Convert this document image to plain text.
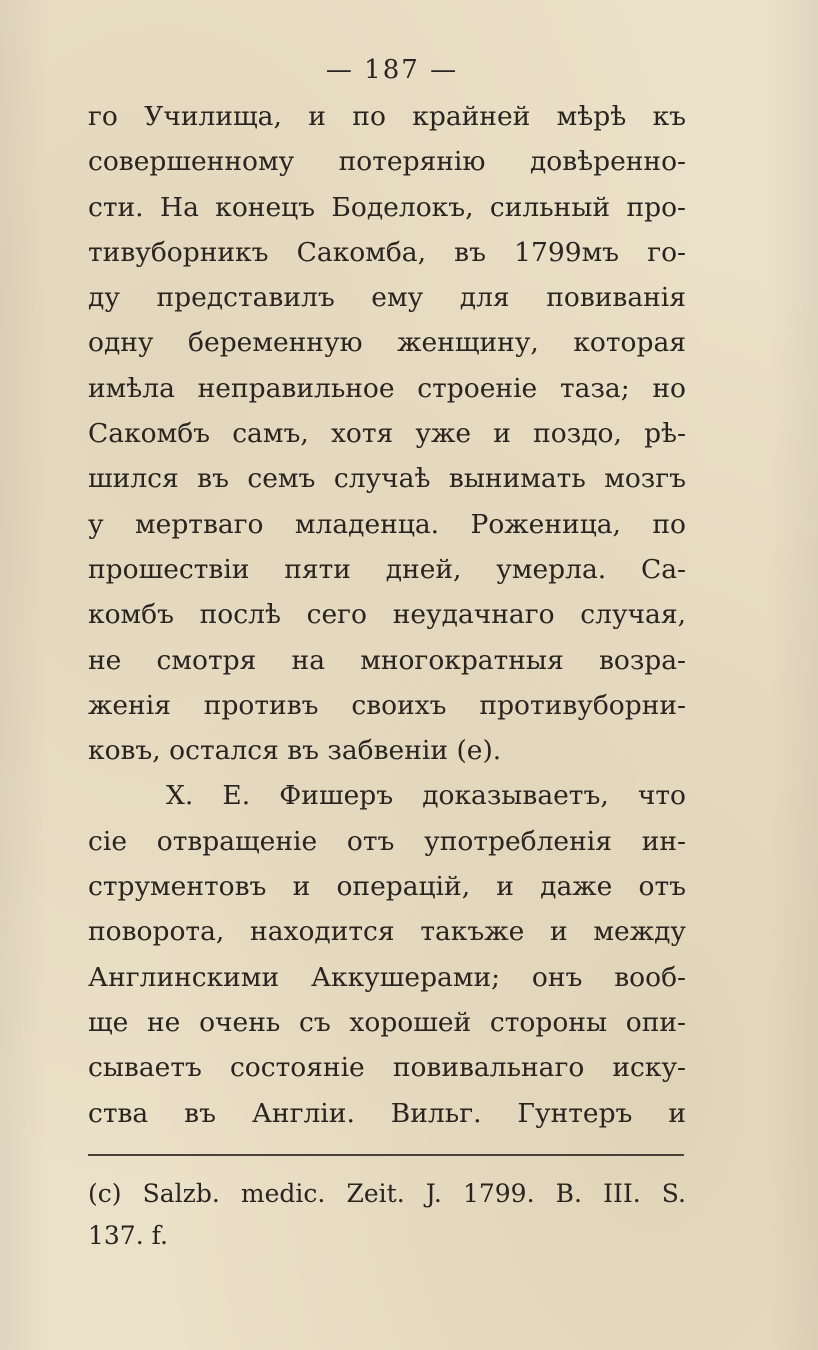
— 187 —
го Училища, и по крайней мѣрѣ къ
совершенному потерянію довѣренно-
сти. На конецъ Боделокъ, сильный про-
тивуборникъ Сакомба, въ 1799мъ го-
ду представилъ ему для повиванія
одну беременную женщину, которая
имѣла неправильное строеніе таза; но
Сакомбъ самъ, хотя уже и поздо, рѣ-
шился въ семъ случаѣ вынимать мозгъ
у мертваго младенца. Роженица, по
прошествіи пяти дней, умерла. Са-
комбъ послѣ сего неудачнаго случая,
не смотря на многократныя возра-
женія противъ своихъ противуборни-
ковъ, остался въ забвеніи (e).
Х. Е. Фишеръ доказываетъ, что
сіе отвращеніе отъ употребленія ин-
струментовъ и операцій, и даже отъ
поворота, находится такъже и между
Англинскими Аккушерами; онъ вооб-
ще не очень съ хорошей стороны опи-
сываетъ состояніе повивальнаго иску-
ства въ Англіи. Вильг. Гунтеръ и
(c) Salzb. medic. Zeit. J. 1799. B. III. S.
137. f.
